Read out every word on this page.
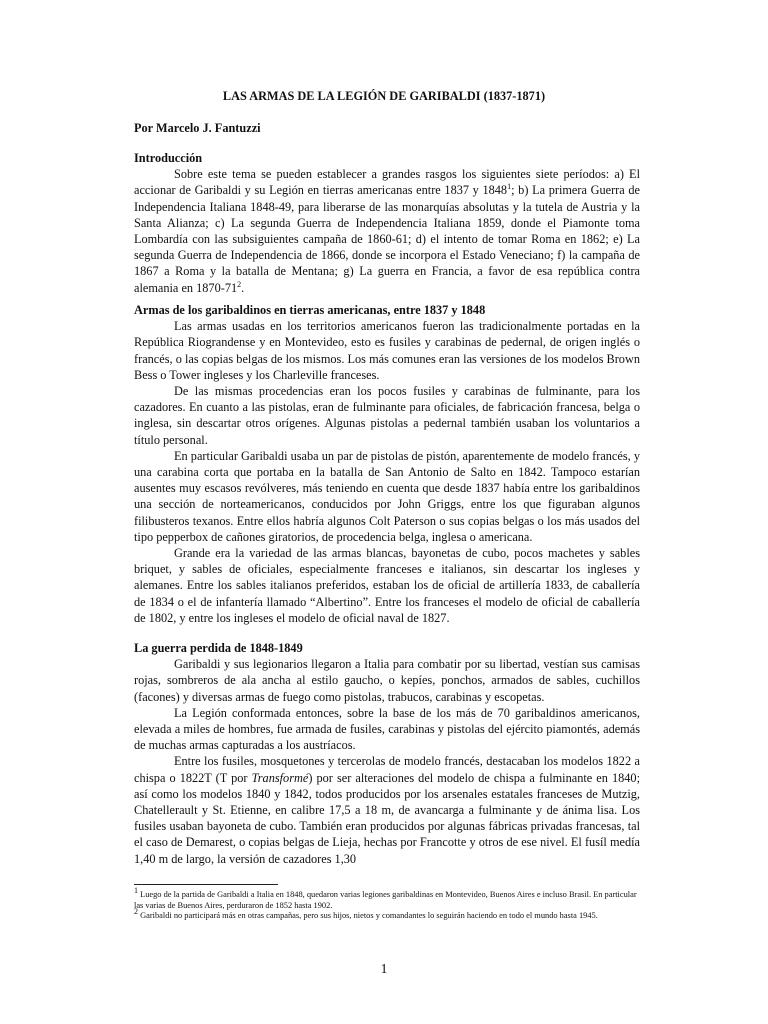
LAS ARMAS DE LA LEGIÓN DE GARIBALDI (1837-1871)
Por Marcelo J. Fantuzzi
Introducción

Sobre este tema se pueden establecer a grandes rasgos los siguientes siete períodos: a) El accionar de Garibaldi y su Legión en tierras americanas entre 1837 y 1848$^1$; b) La primera Guerra de Independencia Italiana 1848-49, para liberarse de las monarquías absolutas y la tutela de Austria y la Santa Alianza; c) La segunda Guerra de Independencia Italiana 1859, donde el Piamonte toma Lombardía con las subsiguientes campaña de 1860-61; d) el intento de tomar Roma en 1862; e) La segunda Guerra de Independencia de 1866, donde se incorpora el Estado Veneciano; f) la campaña de 1867 a Roma y la batalla de Mentana; g) La guerra en Francia, a favor de esa república contra alemania en $1870-71^2$.

Armas de los garibaldinos en tierras americanas, entre 1837 y 1848

Las armas usadas en los territorios americanos fueron las tradicionalmente portadas en la República Riograndense y en Montevideo, esto es fusiles y carabinas de pedernal, de origen inglés o francés, o las copias belgas de los mismos. Los más comunes eran las versiones de los modelos Brown Bess o Tower ingleses y los Charleville franceses.

De las mismas procedencias eran los pocos fusiles y carabinas de fulminante, para los cazadores. En cuanto a las pistolas, eran de fulminante para oficiales, de fabricación francesa, belga o inglesa, sin descartar otros orígenes. Algunas pistolas a pedernal también usaban los voluntarios a título personal.

En particular Garibaldi usaba un par de pistolas de pistón, aparentemente de modelo francés, y una carabina corta que portaba en la batalla de San Antonio de Salto en 1842. Tampoco estarían ausentes muy escasos revólveres, más teniendo en cuenta que desde 1837 había entre los garibaldinos una sección de norteamericanos, conducidos por John Griggs, entre los que figuraban algunos filibusteros texanos. Entre ellos habría algunos Colt Paterson o sus copias belgas o los más usados del tipo pepperbox de cañones giratorios, de procedencia belga, inglesa o americana.

Grande era la variedad de las armas blancas, bayonetas de cubo, pocos machetes y sables briquet, y sables de oficiales, especialmente franceses e italianos, sin descartar los ingleses y alemanes. Entre los sables italianos preferidos, estaban los de oficial de artillería 1833, de caballería de 1834 o el de infantería llamado “Albertino”. Entre los franceses el modelo de oficial de caballería de 1802, y entre los ingleses el modelo de oficial naval de 1827.

La guerra perdida de 1848-1849

Garibaldi y sus legionarios llegaron a Italia para combatir por su libertad, vestían sus camisas rojas, sombreros de ala ancha al estilo gaucho, o kepíes, ponchos, armados de sables, cuchillos (facones) y diversas armas de fuego como pistolas, trabucos, carabinas y escopetas.

La Legión conformada entonces, sobre la base de los más de 70 garibaldinos americanos, elevada a miles de hombres, fue armada de fusiles, carabinas y pistolas del ejército piamontés, además de muchas armas capturadas a los austríacos.

Entre los fusiles, mosquetones y tercerolas de modelo francés, destacaban los modelos 1822 a chispa o 1822T (T por Transformé) por ser alteraciones del modelo de chispa a fulminante en 1840; así como los modelos 1840 y 1842, todos producidos por los arsenales estatales franceses de Mutzig, Chatellerault y St. Etienne, en calibre 17,5 a 18 m, de avancarga a fulminante y de ánima lisa. Los fusiles usaban bayoneta de cubo. También eran producidos por algunas fábricas privadas francesas, tal el caso de Demarest, o copias belgas de Lieja, hechas por Francotte y otros de ese nivel. El fusíl medía 1,40 m de largo, la versión de cazadores 1,30

$^1$ Luego de la partida de Garibaldi a Italia en 1848, quedaron varias legiones garibaldinas en Montevideo, Buenos Aires e incluso Brasil. En particular las varias de Buenos Aires, perduraron de 1852 hasta 1902.

$^2$ Garibaldi no participará más en otras campañas, pero sus hijos, nietos y comandantes lo seguirán haciendo en todo el mundo hasta 1945.

1
